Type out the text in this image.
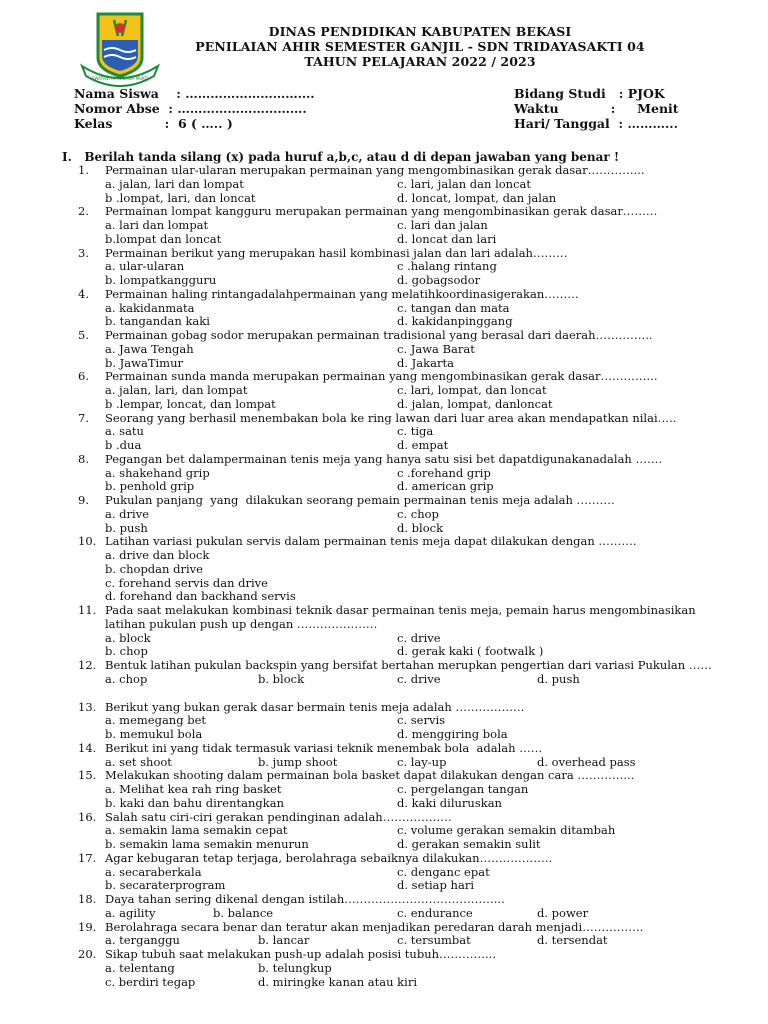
SWATANTRA WIBAWA MUKTI
DINAS PENDIDIKAN KABUPATEN BEKASI
PENILAIAN AHIR SEMESTER GANJIL - SDN TRIDAYASAKTI 04
TAHUN PELAJARAN 2022 / 2023
Nama Siswa    : ………………………….
Nomor Abse  : ………………………….
Kelas            :  6 ( ….. )
Bidang Studi   : PJOK
Waktu            :     Menit
Hari/ Tanggal  : ………...
I.   Berilah tanda silang (x) pada huruf a,b,c, atau d di depan jawaban yang benar !
1. Permainan ular-ularan merupakan permainan yang mengombinasikan gerak dasar…………...
a. jalan, lari dan lompat	c. lari, jalan dan loncat
b .lompat, lari, dan loncat	d. loncat, lompat, dan jalan
2. Permainan lompat kangguru merupakan permainan yang mengombinasikan gerak dasar………
a. lari dan lompat	c. lari dan jalan
b.lompat dan loncat	d. loncat dan lari
3. Permainan berikut yang merupakan hasil kombinasi jalan dan lari adalah………
a. ular-ularan	c .halang rintang
b. lompatkangguru	d. gobagsodor
4. Permainan haling rintangadalahpermainan yang melatihkoordinasigerakan………
a. kakidanmata	c. tangan dan mata
b. tangandan kaki	d. kakidanpinggang
5. Permainan gobag sodor merupakan permainan tradisional yang berasal dari daerah…………...
a. Jawa Tengah	c. Jawa Barat
b. JawaTimur	d. Jakarta
6. Permainan sunda manda merupakan permainan yang mengombinasikan gerak dasar…………...
a. jalan, lari, dan lompat	c. lari, lompat, dan loncat
b .lempar, loncat, dan lompat	d. jalan, lompat, danloncat
7. Seorang yang berhasil menembakan bola ke ring lawan dari luar area akan mendapatkan nilai…..
a. satu	c. tiga
b .dua	d. empat
8. Pegangan bet dalampermainan tenis meja yang hanya satu sisi bet dapatdigunakanadalah …….
a. shakehand grip	c .forehand grip
b. penhold grip	d. american grip
9. Pukulan panjang  yang  dilakukan seorang pemain permainan tenis meja adalah ……….
a. drive	c. chop
b. push	d. block
10. Latihan variasi pukulan servis dalam permainan tenis meja dapat dilakukan dengan ……….
a. drive dan block
b. chopdan drive
c. forehand servis dan drive
d. forehand dan backhand servis
11. Pada saat melakukan kombinasi teknik dasar permainan tenis meja, pemain harus mengombinasikan
latihan pukulan push up dengan …………………
a. block	c. drive
b. chop	d. gerak kaki ( footwalk )
12. Bentuk latihan pukulan backspin yang bersifat bertahan merupkan pengertian dari variasi Pukulan ……
a. chop	b. block	c. drive	d. push
13. Berikut yang bukan gerak dasar bermain tenis meja adalah ………………
a. memegang bet	c. servis
b. memukul bola	d. menggiring bola
14. Berikut ini yang tidak termasuk variasi teknik menembak bola  adalah ……
a. set shoot	b. jump shoot	c. lay-up	d. overhead pass
15. Melakukan shooting dalam permainan bola basket dapat dilakukan dengan cara …………...
a. Melihat kea rah ring basket	c. pergelangan tangan
b. kaki dan bahu direntangkan	d. kaki diluruskan
16. Salah satu ciri-ciri gerakan pendinginan adalah………………
a. semakin lama semakin cepat	c. volume gerakan semakin ditambah
b. semakin lama semakin menurun	d. gerakan semakin sulit
17. Agar kebugaran tetap terjaga, berolahraga sebaiknya dilakukan……………….
a. secaraberkala	c. denganc epat
b. secaraterprogram	d. setiap hari
18. Daya tahan sering dikenal dengan istilah…………………………………...
a. agility	b. balance	c. endurance	d. power
19. Berolahraga secara benar dan teratur akan menjadikan peredaran darah menjadi…………….
a. terganggu	b. lancar	c. tersumbat	d. tersendat
20. Sikap tubuh saat melakukan push-up adalah posisi tubuh…………...
a. telentang	b. telungkup
c. berdiri tegap	d. miringke kanan atau kiri
